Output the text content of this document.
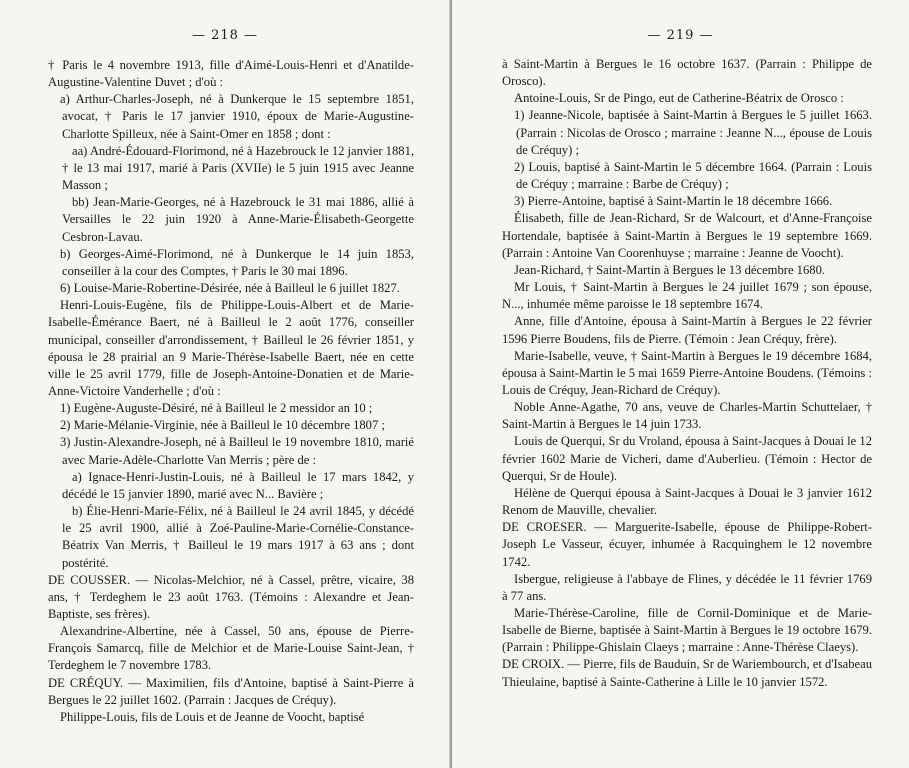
— 218 —

† Paris le 4 novembre 1913, fille d'Aimé-Louis-Henri et d'Anatilde-Augustine-Valentine Duvet ; d'où :

a) Arthur-Charles-Joseph, né à Dunkerque le 15 septembre 1851, avocat, † Paris le 17 janvier 1910, époux de Marie-Augustine-Charlotte Spilleux, née à Saint-Omer en 1858 ; dont :

aa) André-Édouard-Florimond, né à Hazebrouck le 12 janvier 1881, † le 13 mai 1917, marié à Paris (XVIIe) le 5 juin 1915 avec Jeanne Masson ;

bb) Jean-Marie-Georges, né à Hazebrouck le 31 mai 1886, allié à Versailles le 22 juin 1920 à Anne-Marie-Élisabeth-Georgette Cesbron-Lavau.

b) Georges-Aimé-Florimond, né à Dunkerque le 14 juin 1853, conseiller à la cour des Comptes, † Paris le 30 mai 1896.

6) Louise-Marie-Robertine-Désirée, née à Bailleul le 6 juillet 1827.

Henri-Louis-Eugène, fils de Philippe-Louis-Albert et de Marie-Isabelle-Émérance Baert, né à Bailleul le 2 août 1776, conseiller municipal, conseiller d'arrondissement, † Bailleul le 26 février 1851, y épousa le 28 prairial an 9 Marie-Thérèse-Isabelle Baert, née en cette ville le 25 avril 1779, fille de Joseph-Antoine-Donatien et de Marie-Anne-Victoire Vanderhelle ; d'où :

1) Eugène-Auguste-Désiré, né à Bailleul le 2 messidor an 10 ;

2) Marie-Mélanie-Virginie, née à Bailleul le 10 décembre 1807 ;

3) Justin-Alexandre-Joseph, né à Bailleul le 19 novembre 1810, marié avec Marie-Adèle-Charlotte Van Merris ; père de :

a) Ignace-Henri-Justin-Louis, né à Bailleul le 17 mars 1842, y décédé le 15 janvier 1890, marié avec N... Bavière ;

b) Élie-Henri-Marie-Félix, né à Bailleul le 24 avril 1845, y décédé le 25 avril 1900, allié à Zoé-Pauline-Marie-Cornélie-Constance-Béatrix Van Merris, † Bailleul le 19 mars 1917 à 63 ans ; dont postérité.

DE COUSSER. — Nicolas-Melchior, né à Cassel, prêtre, vicaire, 38 ans, † Terdeghem le 23 août 1763. (Témoins : Alexandre et Jean-Baptiste, ses frères).

Alexandrine-Albertine, née à Cassel, 50 ans, épouse de Pierre-François Samarcq, fille de Melchior et de Marie-Louise Saint-Jean, † Terdeghem le 7 novembre 1783.

DE CRÉQUY. — Maximilien, fils d'Antoine, baptisé à Saint-Pierre à Bergues le 22 juillet 1602. (Parrain : Jacques de Créquy).

Philippe-Louis, fils de Louis et de Jeanne de Voocht, baptisé

— 219 —

à Saint-Martin à Bergues le 16 octobre 1637. (Parrain : Philippe de Orosco).

Antoine-Louis, Sr de Pingo, eut de Catherine-Béatrix de Orosco :

1) Jeanne-Nicole, baptisée à Saint-Martin à Bergues le 5 juillet 1663. (Parrain : Nicolas de Orosco ; marraine : Jeanne N..., épouse de Louis de Créquy) ;

2) Louis, baptisé à Saint-Martin le 5 décembre 1664. (Parrain : Louis de Créquy ; marraine : Barbe de Créquy) ;

3) Pierre-Antoine, baptisé à Saint-Martin le 18 décembre 1666.

Élisabeth, fille de Jean-Richard, Sr de Walcourt, et d'Anne-Françoise Hortendale, baptisée à Saint-Martin à Bergues le 19 septembre 1669. (Parrain : Antoine Van Coorenhuyse ; marraine : Jeanne de Voocht).

Jean-Richard, † Saint-Martin à Bergues le 13 décembre 1680.

Mr Louis, † Saint-Martin à Bergues le 24 juillet 1679 ; son épouse, N..., inhumée même paroisse le 18 septembre 1674.

Anne, fille d'Antoine, épousa à Saint-Martin à Bergues le 22 février 1596 Pierre Boudens, fils de Pierre. (Témoin : Jean Créquy, frère).

Marie-Isabelle, veuve, † Saint-Martin à Bergues le 19 décembre 1684, épousa à Saint-Martin le 5 mai 1659 Pierre-Antoine Boudens. (Témoins : Louis de Créquy, Jean-Richard de Créquy).

Noble Anne-Agathe, 70 ans, veuve de Charles-Martin Schuttelaer, † Saint-Martin à Bergues le 14 juin 1733.

Louis de Querqui, Sr du Vroland, épousa à Saint-Jacques à Douai le 12 février 1602 Marie de Vicheri, dame d'Auberlieu. (Témoin : Hector de Querqui, Sr de Houle).

Hélène de Querqui épousa à Saint-Jacques à Douai le 3 janvier 1612 Renom de Mauville, chevalier.

DE CROESER. — Marguerite-Isabelle, épouse de Philippe-Robert-Joseph Le Vasseur, écuyer, inhumée à Racquinghem le 12 novembre 1742.

Isbergue, religieuse à l'abbaye de Flines, y décédée le 11 février 1769 à 77 ans.

Marie-Thérèse-Caroline, fille de Cornil-Dominique et de Marie-Isabelle de Bierne, baptisée à Saint-Martin à Bergues le 19 octobre 1679. (Parrain : Philippe-Ghislain Claeys ; marraine : Anne-Thérèse Claeys).

DE CROIX. — Pierre, fils de Bauduin, Sr de Wariembourch, et d'Isabeau Thieulaine, baptisé à Sainte-Catherine à Lille le 10 janvier 1572.
